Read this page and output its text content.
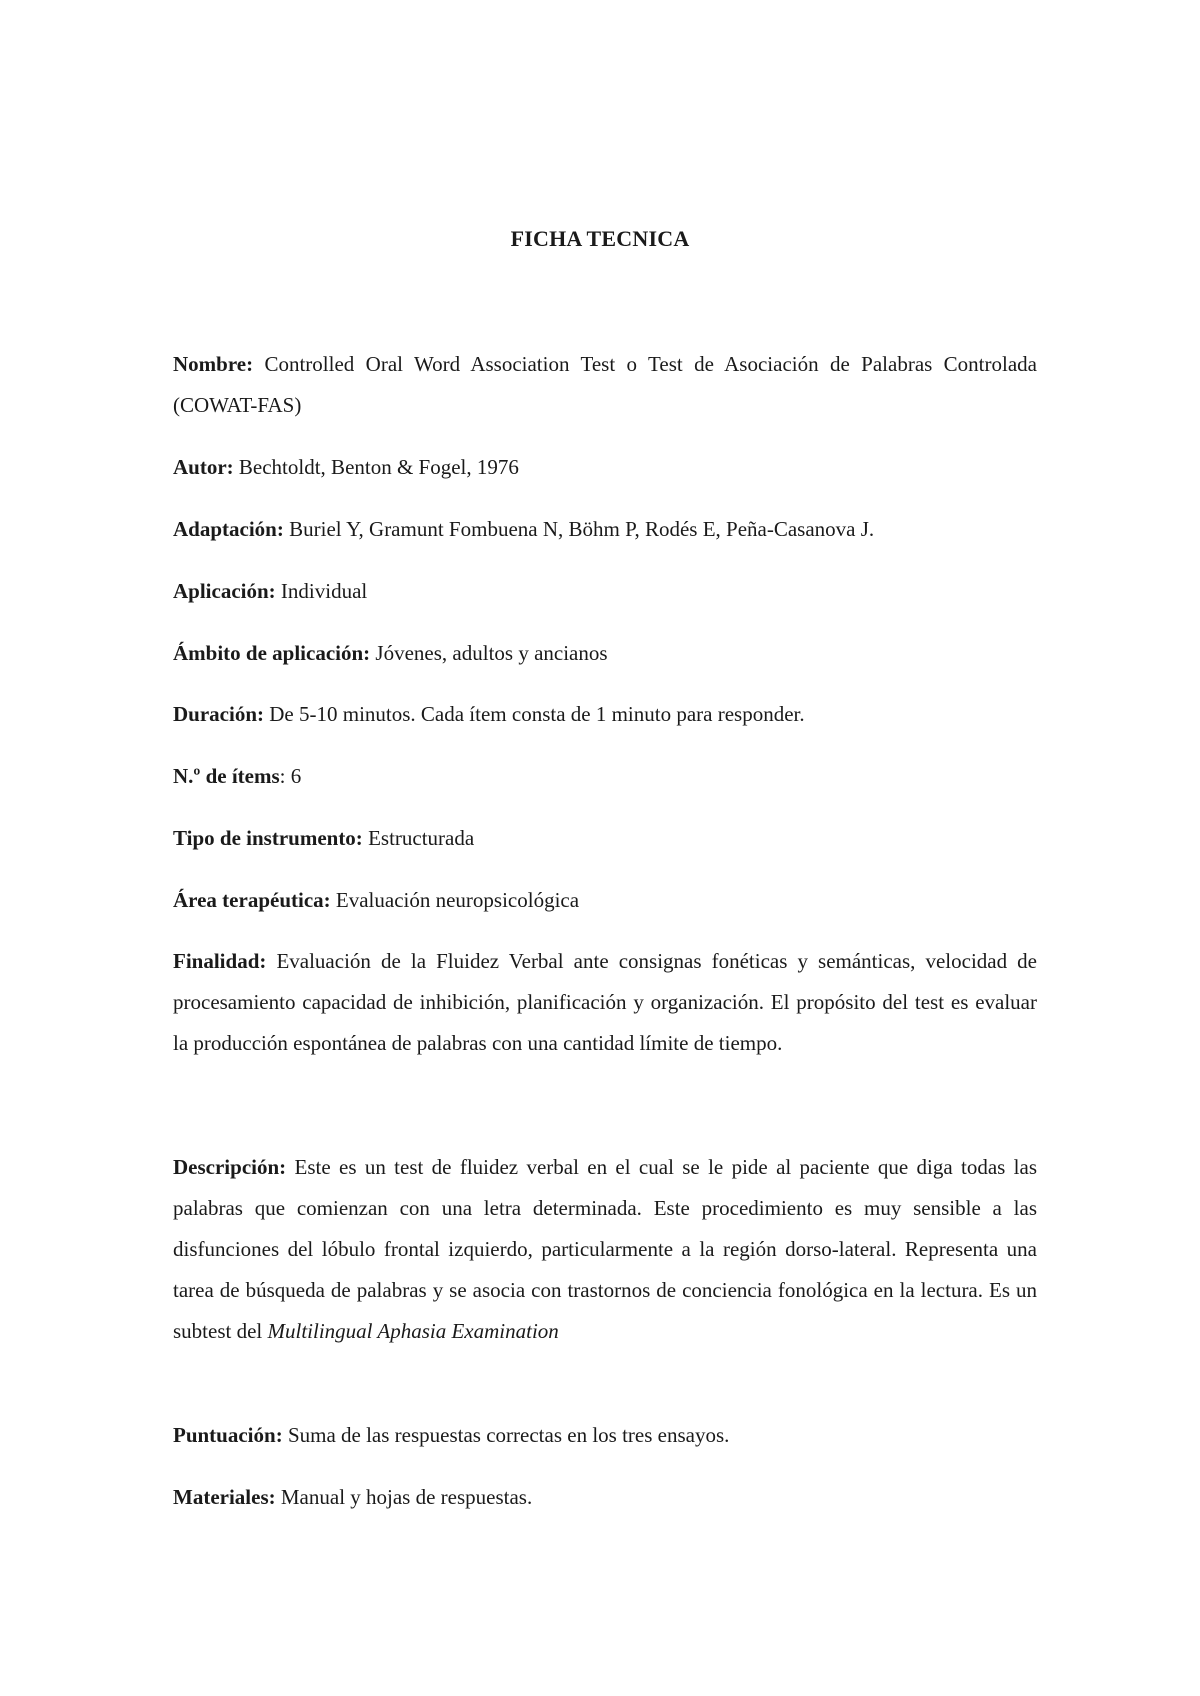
FICHA TECNICA

Nombre: Controlled Oral Word Association Test o Test de Asociación de Palabras Controlada (COWAT-FAS)

Autor: Bechtoldt, Benton & Fogel, 1976

Adaptación: Buriel Y, Gramunt Fombuena N, Böhm P, Rodés E, Peña-Casanova J.

Aplicación: Individual

Ámbito de aplicación: Jóvenes, adultos y ancianos

Duración: De 5-10 minutos. Cada ítem consta de 1 minuto para responder.

N.º de ítems: 6

Tipo de instrumento: Estructurada

Área terapéutica: Evaluación neuropsicológica

Finalidad: Evaluación de la Fluidez Verbal ante consignas fonéticas y semánticas, velocidad de procesamiento capacidad de inhibición, planificación y organización. El propósito del test es evaluar la producción espontánea de palabras con una cantidad límite de tiempo.

Descripción: Este es un test de fluidez verbal en el cual se le pide al paciente que diga todas las palabras que comienzan con una letra determinada. Este procedimiento es muy sensible a las disfunciones del lóbulo frontal izquierdo, particularmente a la región dorso-lateral. Representa una tarea de búsqueda de palabras y se asocia con trastornos de conciencia fonológica en la lectura. Es un subtest del Multilingual Aphasia Examination

Puntuación: Suma de las respuestas correctas en los tres ensayos.

Materiales: Manual y hojas de respuestas.
